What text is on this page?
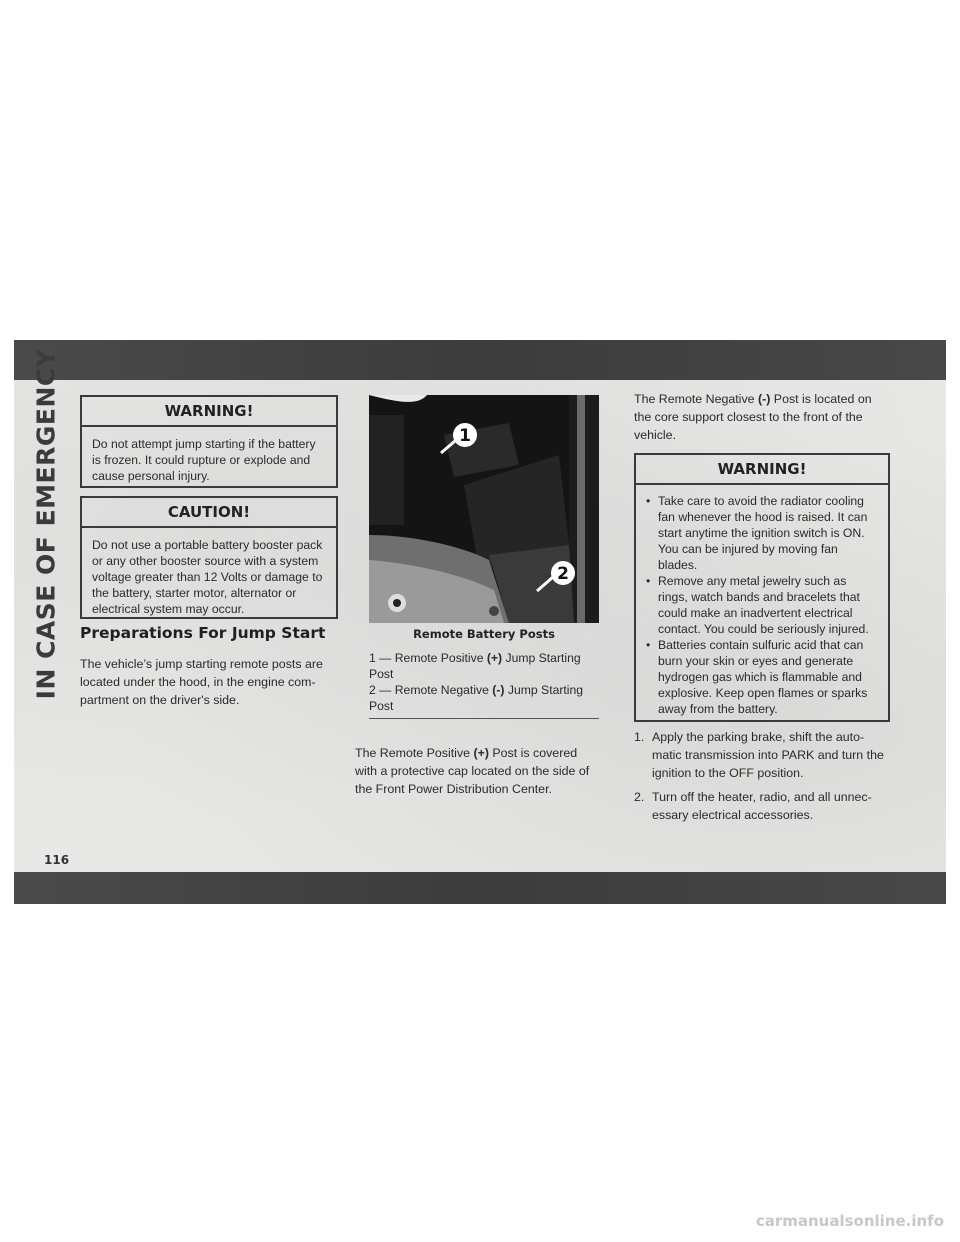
IN CASE OF EMERGENCY	WARNING!
Do not attempt jump starting if the battery is frozen. It could rupture or explode and cause personal injury.
CAUTION!
Do not use a portable battery booster pack or any other booster source with a system voltage greater than 12 Volts or damage to the battery, starter motor, alternator or electrical system may occur.
Preparations For Jump Start
The vehicle’s jump starting remote posts are located under the hood, in the engine com- partment on the driver's side.
1
2
Remote Battery Posts
1 — Remote Positive (+) Jump Starting Post
2 — Remote Negative (-) Jump Starting Post
The Remote Positive (+) Post is covered with a protective cap located on the side of the Front Power Distribution Center.
The Remote Negative (-) Post is located on the core support closest to the front of the vehicle.
WARNING!
• Take care to avoid the radiator cooling fan whenever the hood is raised. It can start anytime the ignition switch is ON. You can be injured by moving fan blades.
• Remove any metal jewelry such as rings, watch bands and bracelets that could make an inadvertent electrical contact. You could be seriously injured.
• Batteries contain sulfuric acid that can burn your skin or eyes and generate hydrogen gas which is flammable and explosive. Keep open flames or sparks away from the battery.
1. Apply the parking brake, shift the auto- matic transmission into PARK and turn the ignition to the OFF position.
2. Turn off the heater, radio, and all unnec- essary electrical accessories.
116
carmanualsonline.info
